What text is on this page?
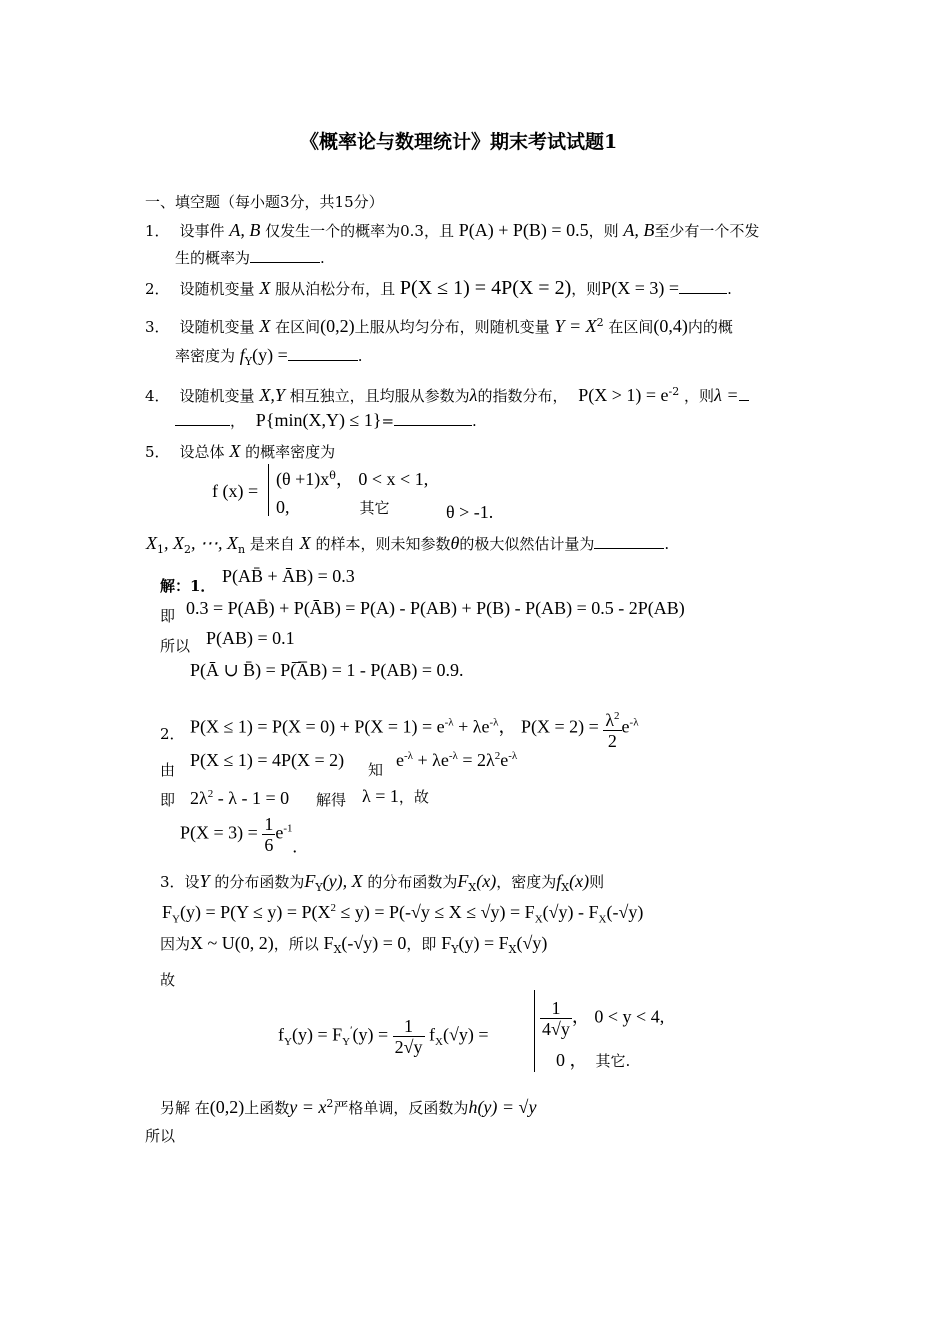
《概率论与数理统计》期末考试试题1
一、填空题（每小题3分，共15分）
1． 设事件 A, B 仅发生一个的概率为0.3，且 P(A) + P(B) = 0.5，则 A, B至少有一个不发
生的概率为	.
2． 设随机变量 X 服从泊松分布，且 P(X ≤ 1) = 4P(X = 2)，则P(X = 3) =	.
3． 设随机变量 X 在区间(0,2)上服从均匀分布，则随机变量 $Y = X^2$ 在区间(0,4)内的概
率密度为 $f_Y(y)$ =	.
4． 设随机变量 X,Y 相互独立，且均服从参数为λ的指数分布， $P(X > 1) = e^{-2}$ ，则λ =
， P{min(X,Y) ≤ 1}=	.
5． 设总体 X 的概率密度为
f (x) =
$(\theta +1)x^\theta$， 0 < x < 1,
0,	其它	θ > -1.
$X_1$, $X_2$, ⋯, $X_n$ 是来自 X 的样本，则未知参数θ的极大似然估计量为	.
解：1． P(AB̄ + ĀB) = 0.3
即 0.3 = P(AB̄) + P(ĀB) = P(A) - P(AB) + P(B) - P(AB) = 0.5 - 2P(AB)
所以 P(AB) = 0.1
P(Ā ∪ B̄) = P(̅A̅B) = 1 - P(AB) = 0.9.
$P(X \le 1) = P(X = 0) + P(X = 1) = e^{-\lambda} + \lambda e^{-\lambda}$， $P(X = 2) = \frac{\lambda^2}{2} e^{-\lambda}$
2．
由 P(X ≤ 1) = 4P(X = 2) 知 $e^{-\lambda} + \lambda e^{-\lambda} = 2\lambda^2e^{-\lambda}$
即 $2\lambda^2 - \lambda - 1 = 0$ 解得 λ = 1，故
$P(X = 3) = \frac{1}{6} e^{-1}$.
3．设Y 的分布函数为$F_Y(y)$, X 的分布函数为$F_X(x)$，密度为$f_X(x)$则
$F_Y(y) = P(Y \le y) = P(X^2 \le y) = P(-√y \le X \le √y) = F_X(√y) - F_X(-√y)$
因为X ~ U(0, 2)，所以 $F_X(-√y) = 0$，即 $F_Y(y) = F_X(√y)$
故
$f_Y(y) = F_Y'(y) = \frac{1}{2√y} f_X(√y)$ =	$\frac{1}{4√y}$ ， 0 < y < 4,
0 ， 其它.
另解 在(0,2)上函数$y = x^2$严格单调，反函数为h(y) = √y
所以
